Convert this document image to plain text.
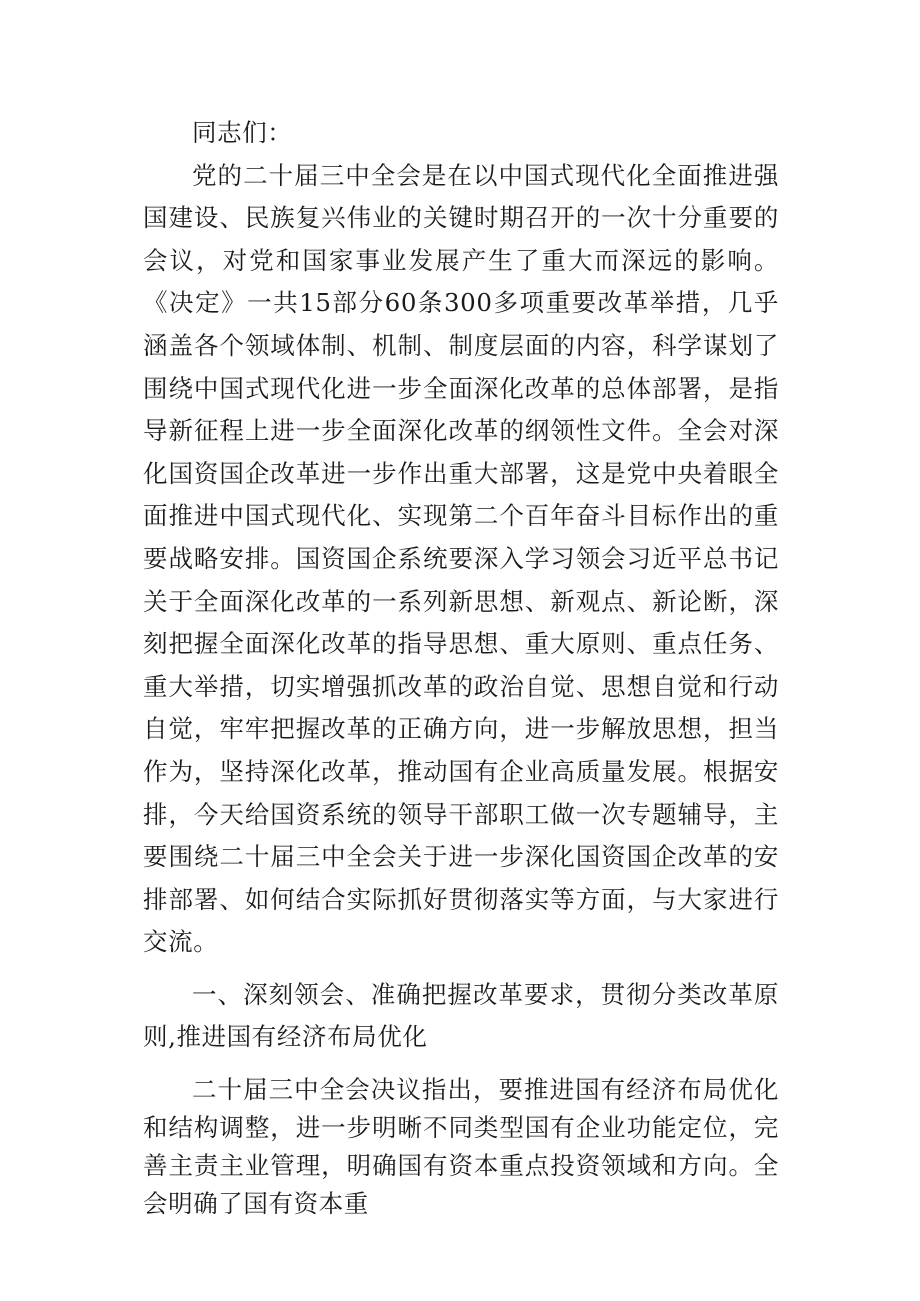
同志们：

党的二十届三中全会是在以中国式现代化全面推进强国建设、民族复兴伟业的关键时期召开的一次十分重要的会议，对党和国家事业发展产生了重大而深远的影响。《决定》一共15部分60条300多项重要改革举措，几乎涵盖各个领域体制、机制、制度层面的内容，科学谋划了围绕中国式现代化进一步全面深化改革的总体部署，是指导新征程上进一步全面深化改革的纲领性文件。全会对深化国资国企改革进一步作出重大部署，这是党中央着眼全面推进中国式现代化、实现第二个百年奋斗目标作出的重要战略安排。国资国企系统要深入学习领会习近平总书记关于全面深化改革的一系列新思想、新观点、新论断，深刻把握全面深化改革的指导思想、重大原则、重点任务、重大举措，切实增强抓改革的政治自觉、思想自觉和行动自觉，牢牢把握改革的正确方向，进一步解放思想，担当作为，坚持深化改革，推动国有企业高质量发展。根据安排，今天给国资系统的领导干部职工做一次专题辅导，主要围绕二十届三中全会关于进一步深化国资国企改革的安排部署、如何结合实际抓好贯彻落实等方面，与大家进行交流。

一、深刻领会、准确把握改革要求，贯彻分类改革原则,推进国有经济布局优化

二十届三中全会决议指出，要推进国有经济布局优化和结构调整，进一步明晰不同类型国有企业功能定位，完善主责主业管理，明确国有资本重点投资领域和方向。全会明确了国有资本重
